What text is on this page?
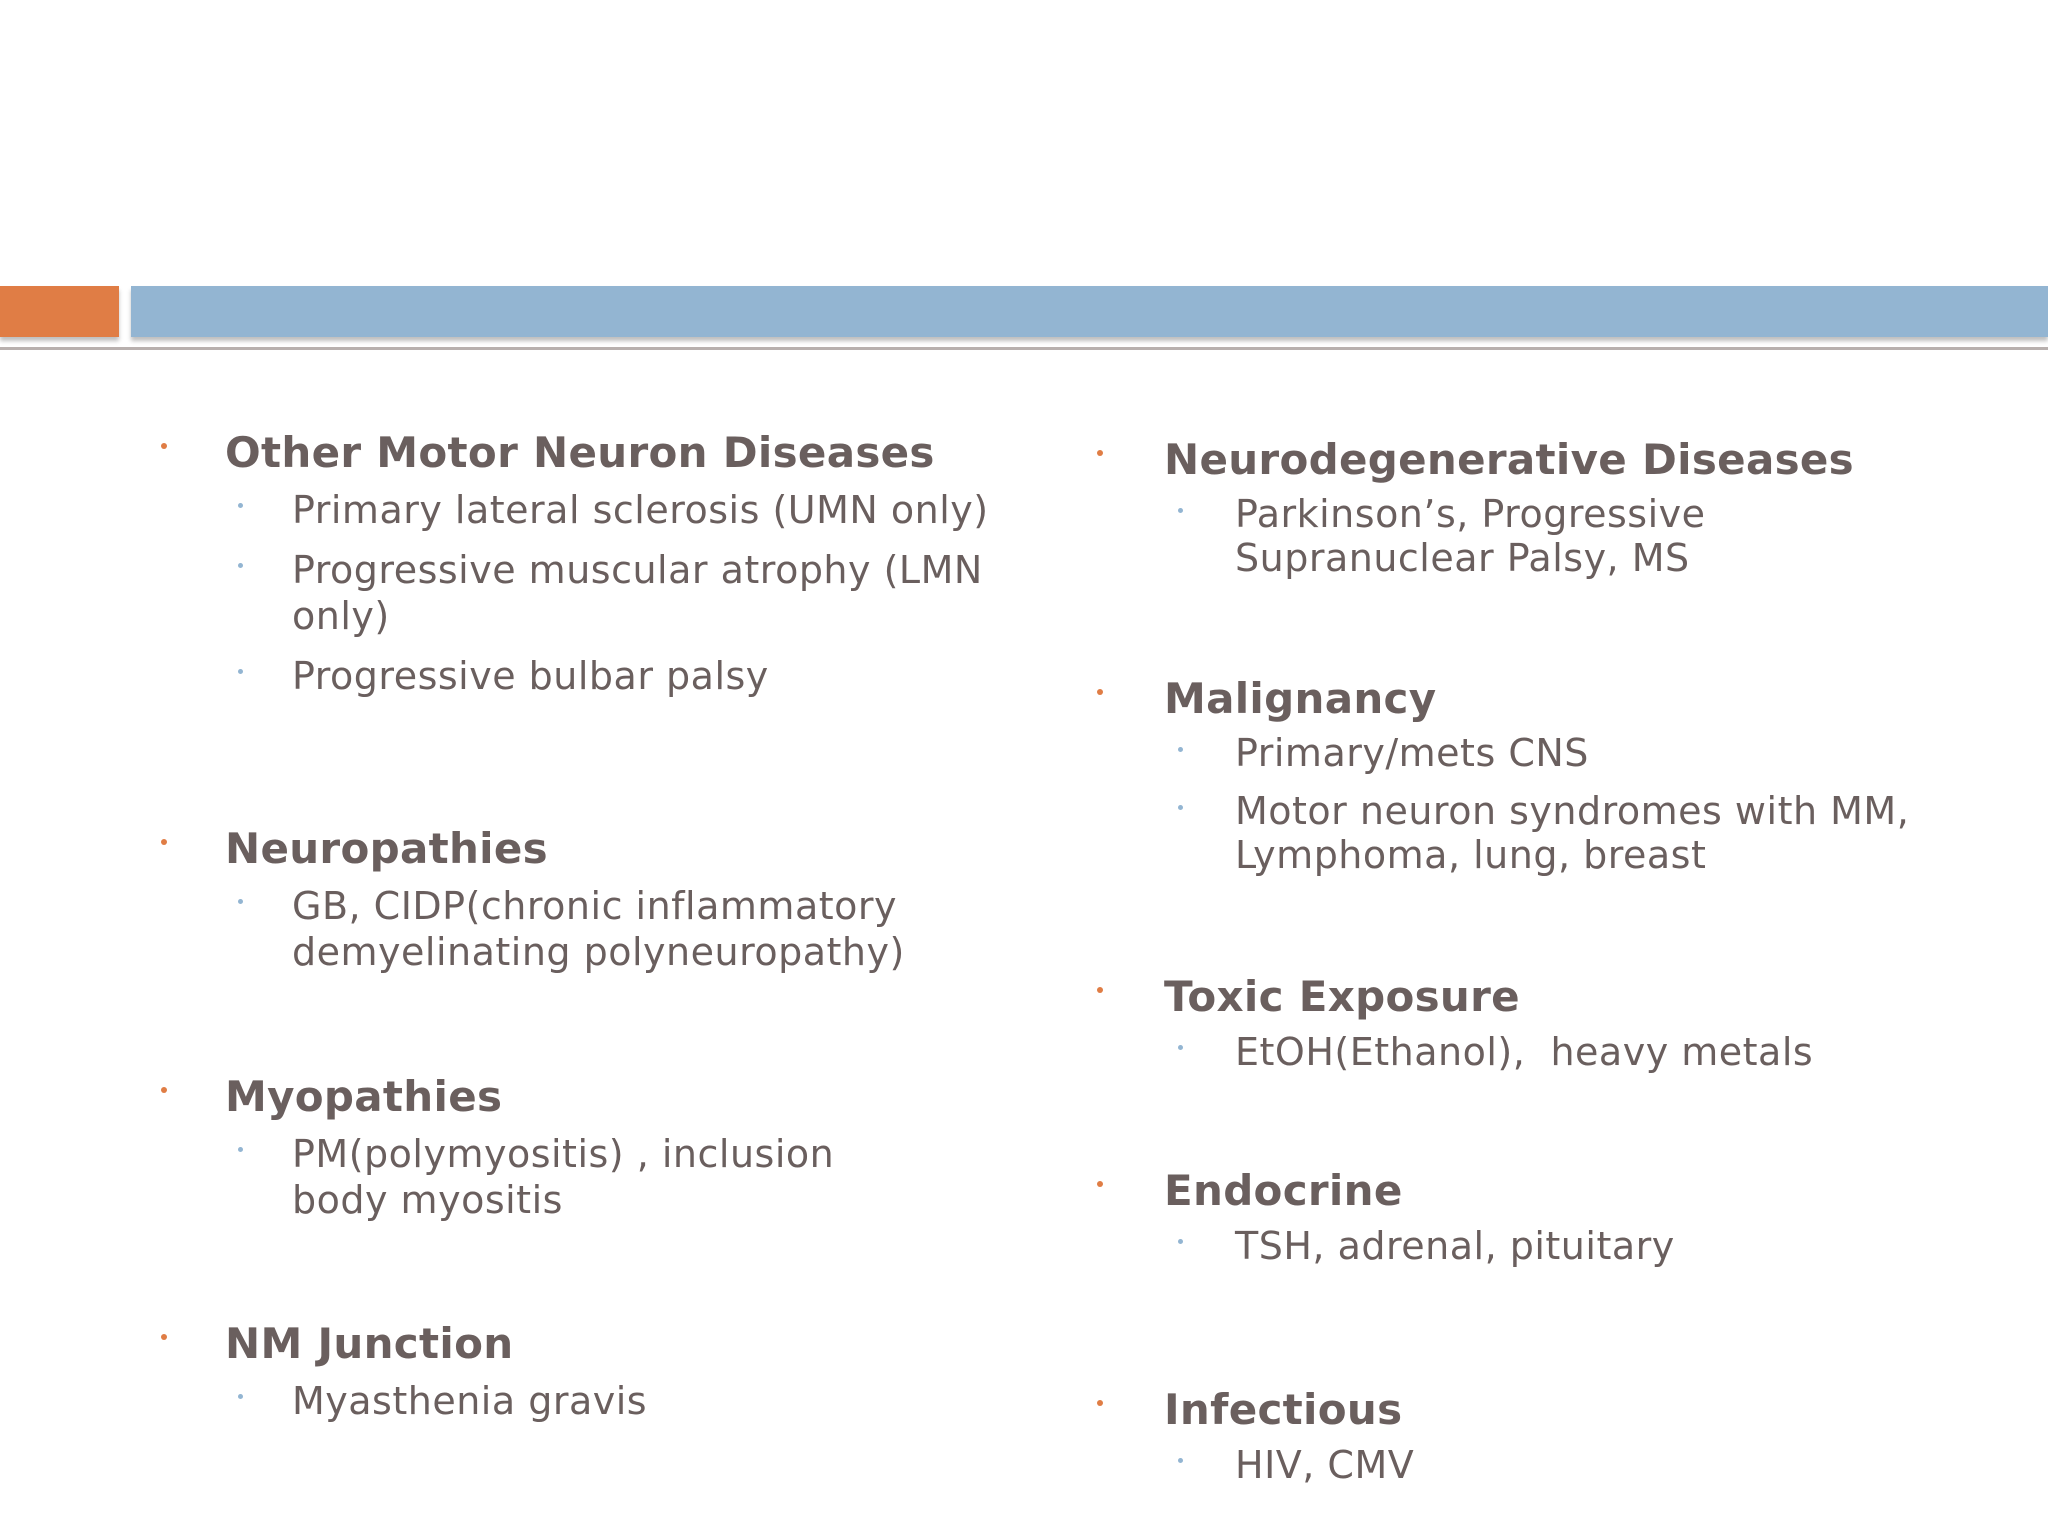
Other Motor Neuron Diseases
Primary lateral sclerosis (UMN only)
Progressive muscular atrophy (LMN only)
Progressive bulbar palsy
Neuropathies
GB, CIDP(chronic inflammatory demyelinating polyneuropathy)
Myopathies
PM(polymyositis) , inclusion body myositis
NM Junction
Myasthenia gravis
Neurodegenerative Diseases
Parkinson’s, Progressive Supranuclear Palsy, MS
Malignancy
Primary/mets CNS
Motor neuron syndromes with MM, Lymphoma, lung, breast
Toxic Exposure
EtOH(Ethanol),  heavy metals
Endocrine
TSH, adrenal, pituitary
Infectious
HIV, CMV
